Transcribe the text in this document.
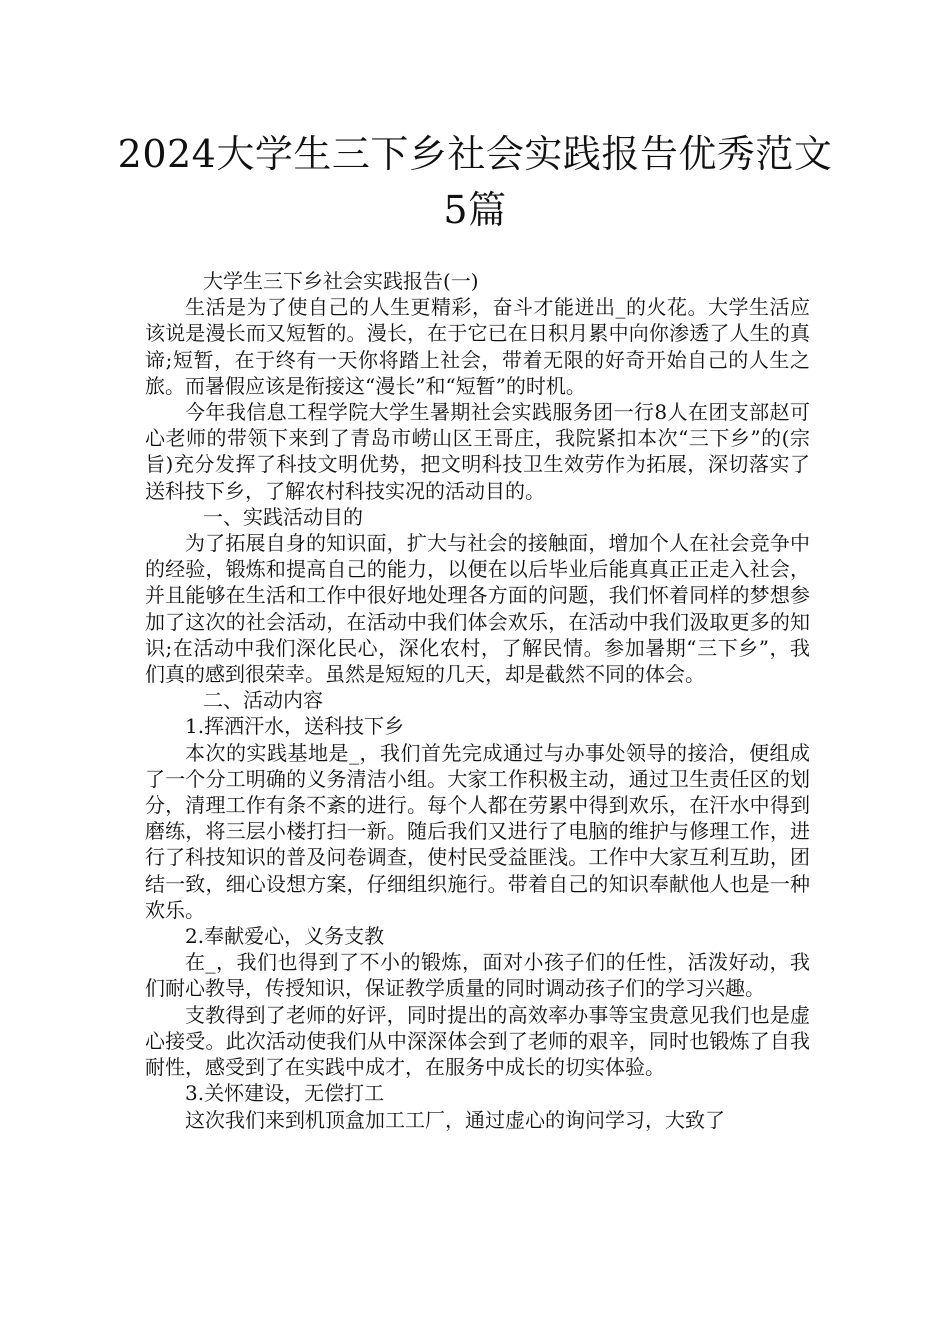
2024大学生三下乡社会实践报告优秀范文
5篇

大学生三下乡社会实践报告(一)

生活是为了使自己的人生更精彩，奋斗才能迸出_的火花。大学生活应该说是漫长而又短暂的。漫长，在于它已在日积月累中向你渗透了人生的真谛;短暂，在于终有一天你将踏上社会，带着无限的好奇开始自己的人生之旅。而暑假应该是衔接这“漫长”和“短暂”的时机。

今年我信息工程学院大学生暑期社会实践服务团一行8人在团支部赵可心老师的带领下来到了青岛市崂山区王哥庄，我院紧扣本次“三下乡”的(宗旨)充分发挥了科技文明优势，把文明科技卫生效劳作为拓展，深切落实了送科技下乡，了解农村科技实况的活动目的。

一、实践活动目的

为了拓展自身的知识面，扩大与社会的接触面，增加个人在社会竞争中的经验，锻炼和提高自己的能力，以便在以后毕业后能真真正正走入社会，并且能够在生活和工作中很好地处理各方面的问题，我们怀着同样的梦想参加了这次的社会活动，在活动中我们体会欢乐，在活动中我们汲取更多的知识;在活动中我们深化民心，深化农村，了解民情。参加暑期“三下乡”，我们真的感到很荣幸。虽然是短短的几天，却是截然不同的体会。

二、活动内容

1.挥洒汗水，送科技下乡

本次的实践基地是_，我们首先完成通过与办事处领导的接洽，便组成了一个分工明确的义务清洁小组。大家工作积极主动，通过卫生责任区的划分，清理工作有条不紊的进行。每个人都在劳累中得到欢乐，在汗水中得到磨练，将三层小楼打扫一新。随后我们又进行了电脑的维护与修理工作，进行了科技知识的普及问卷调查，使村民受益匪浅。工作中大家互利互助，团结一致，细心设想方案，仔细组织施行。带着自己的知识奉献他人也是一种欢乐。

2.奉献爱心，义务支教

在_，我们也得到了不小的锻炼，面对小孩子们的任性，活泼好动，我们耐心教导，传授知识，保证教学质量的同时调动孩子们的学习兴趣。

支教得到了老师的好评，同时提出的高效率办事等宝贵意见我们也是虚心接受。此次活动使我们从中深深体会到了老师的艰辛，同时也锻炼了自我耐性，感受到了在实践中成才，在服务中成长的切实体验。

3.关怀建设，无偿打工

这次我们来到机顶盒加工工厂，通过虚心的询问学习，大致了
